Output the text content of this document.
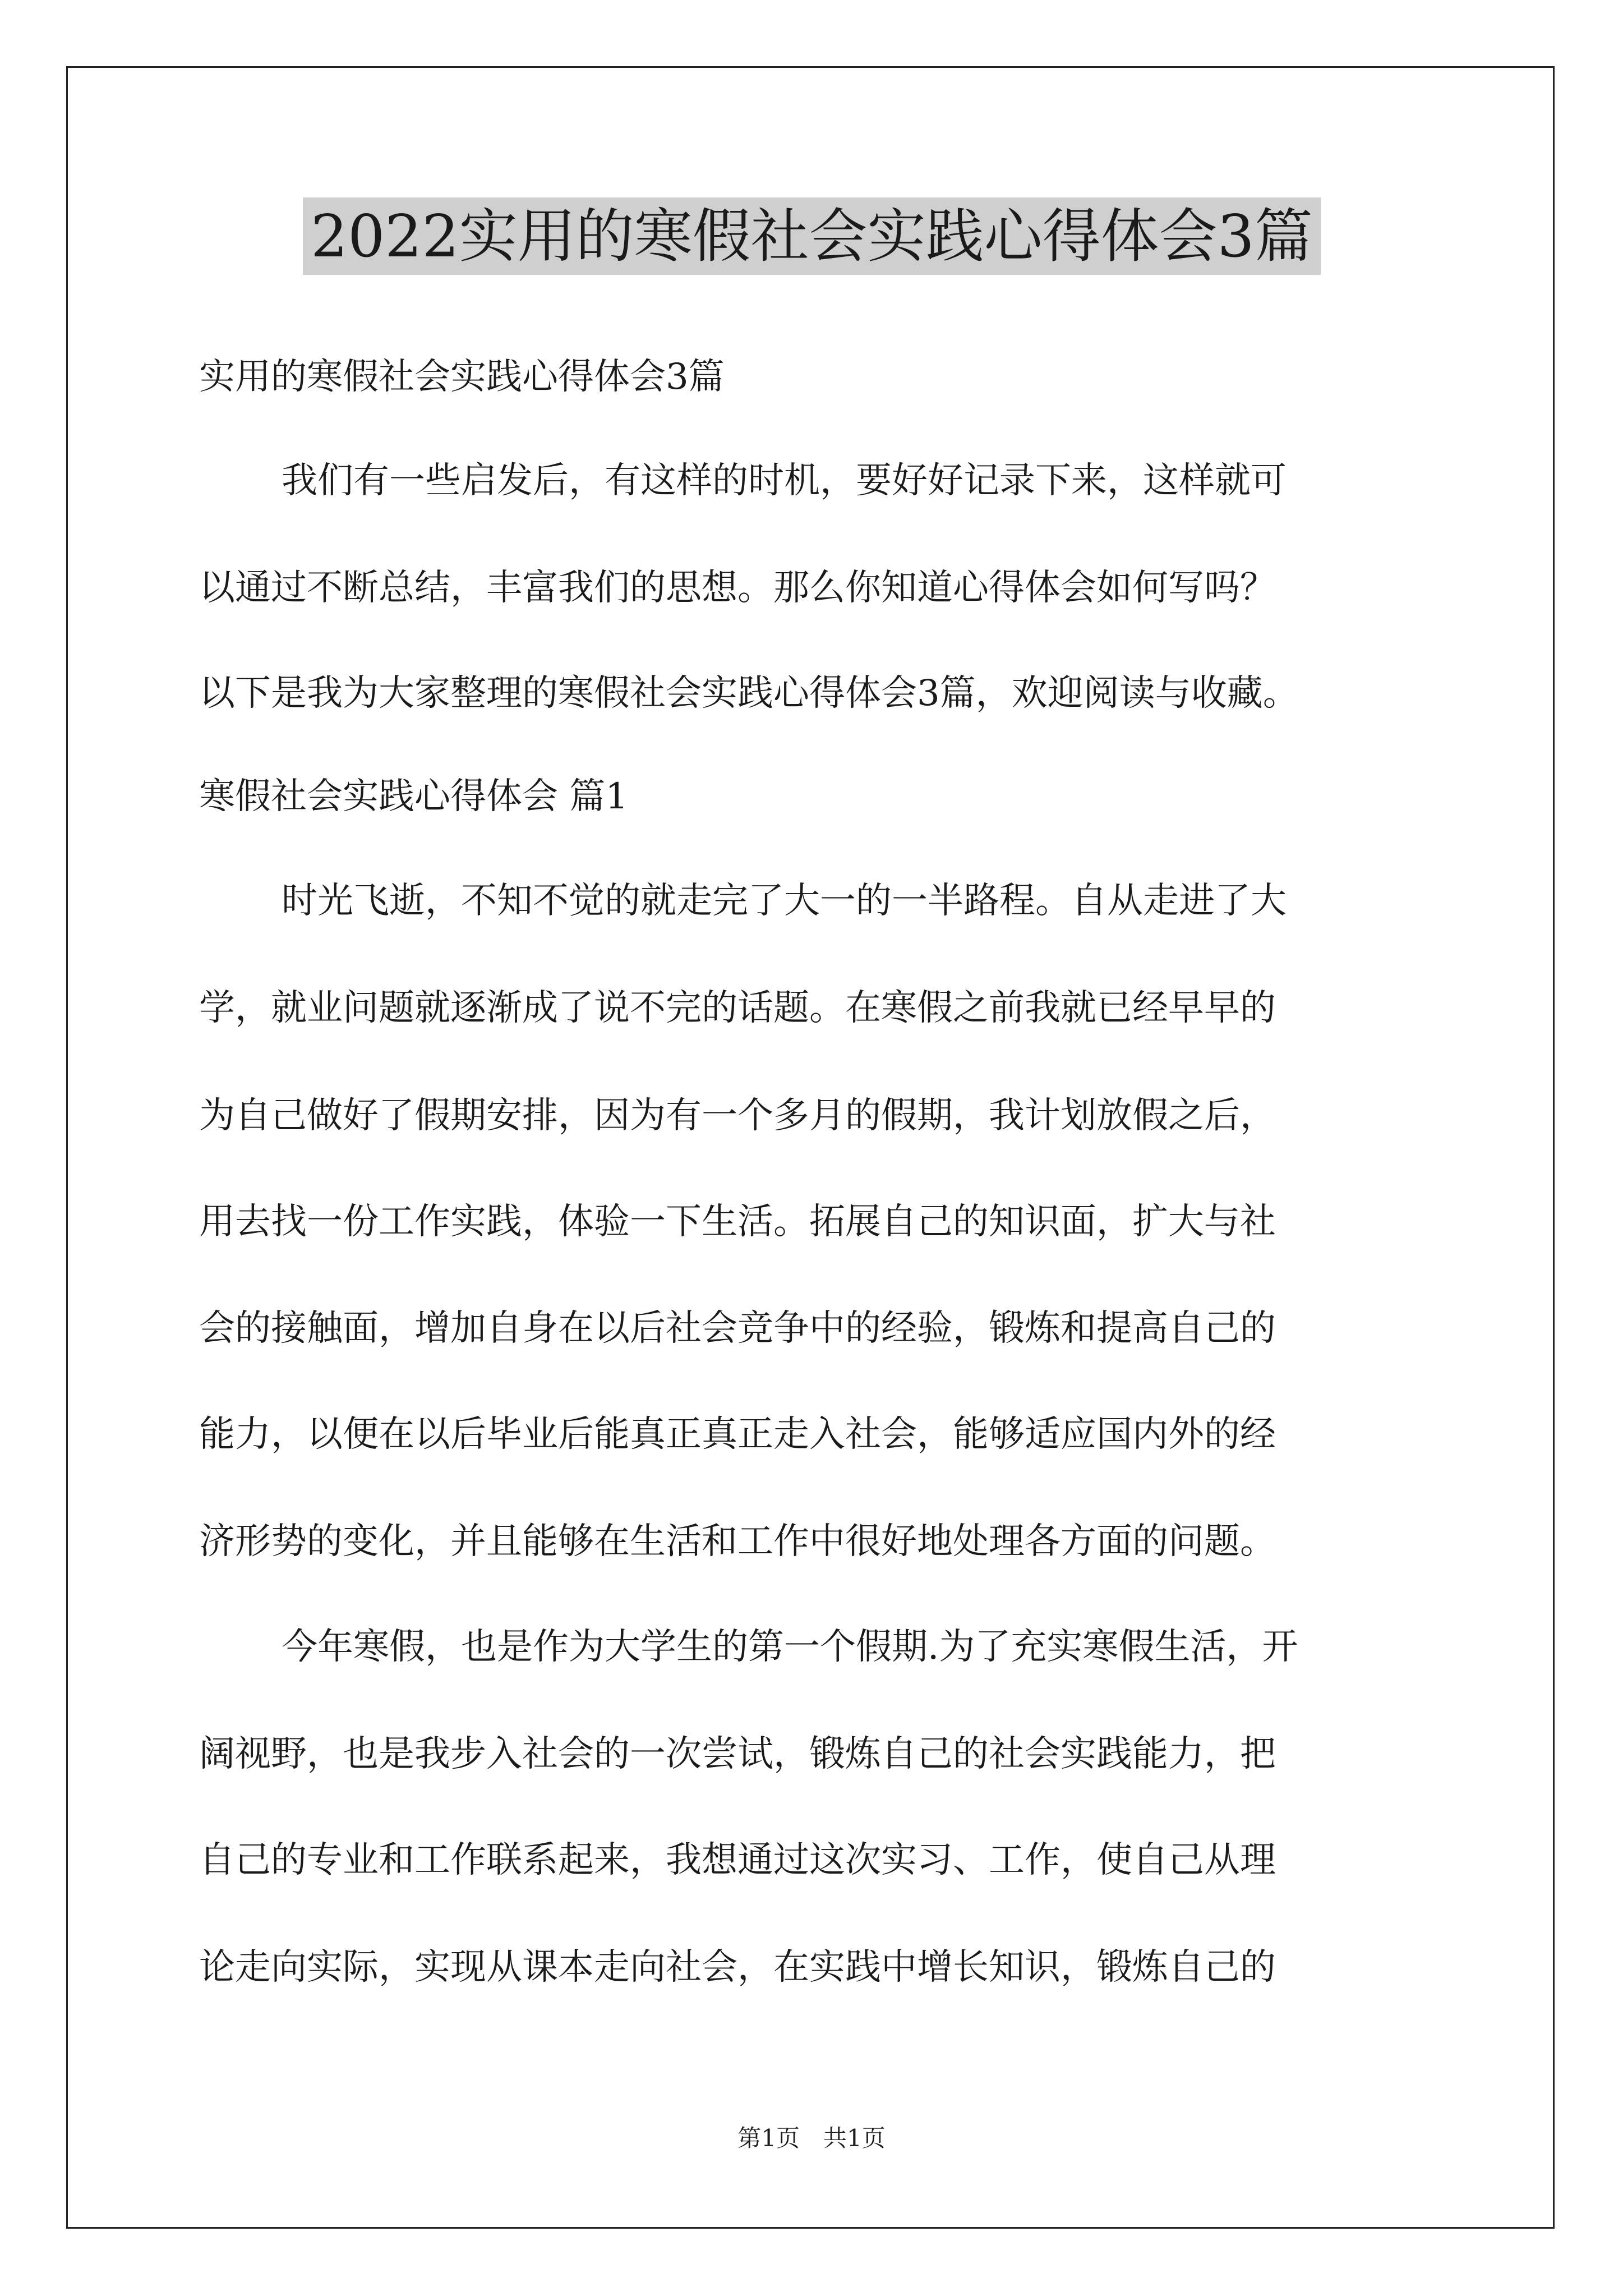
2022实用的寒假社会实践心得体会3篇
实用的寒假社会实践心得体会3篇
我们有一些启发后，有这样的时机，要好好记录下来，这样就可
以通过不断总结，丰富我们的思想。那么你知道心得体会如何写吗？
以下是我为大家整理的寒假社会实践心得体会3篇，欢迎阅读与收藏。
寒假社会实践心得体会 篇1
时光飞逝，不知不觉的就走完了大一的一半路程。自从走进了大
学，就业问题就逐渐成了说不完的话题。在寒假之前我就已经早早的
为自己做好了假期安排，因为有一个多月的假期，我计划放假之后，
用去找一份工作实践，体验一下生活。拓展自己的知识面，扩大与社
会的接触面，增加自身在以后社会竞争中的经验，锻炼和提高自己的
能力，以便在以后毕业后能真正真正走入社会，能够适应国内外的经
济形势的变化，并且能够在生活和工作中很好地处理各方面的问题。
今年寒假，也是作为大学生的第一个假期.为了充实寒假生活，开
阔视野，也是我步入社会的一次尝试，锻炼自己的社会实践能力，把
自己的专业和工作联系起来，我想通过这次实习、工作，使自己从理
论走向实际，实现从课本走向社会，在实践中增长知识，锻炼自己的
第1页　共1页
